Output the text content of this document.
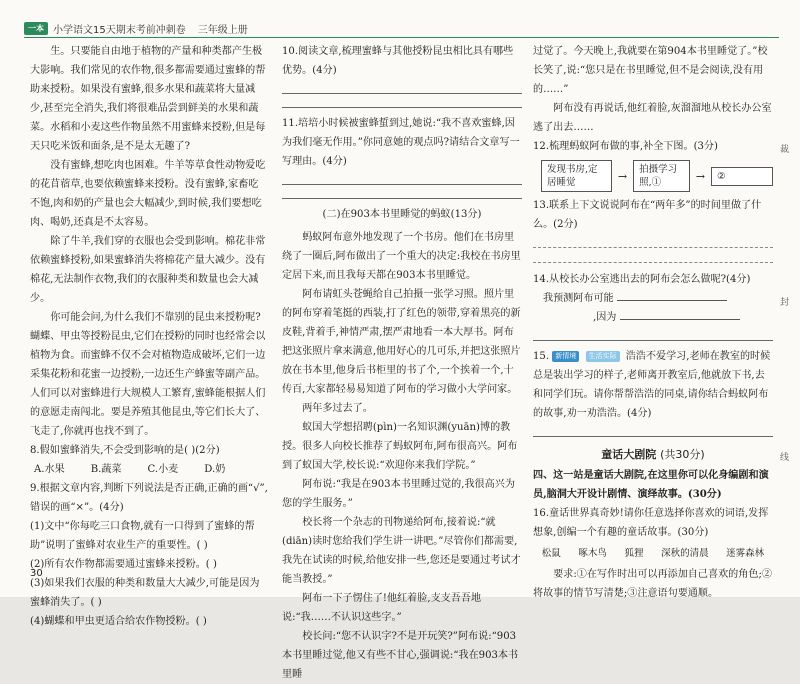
一本 小学语文15天期末考前冲刺卷 三年级上册

生。只要能自由地于植物的产量和种类都产生极大影响。我们常见的农作物,很多都需要通过蜜蜂的帮助来授粉。如果没有蜜蜂,很多水果和蔬菜将大量减少,甚至完全消失,我们将很难品尝到鲜美的水果和蔬菜。水稻和小麦这些作物虽然不用蜜蜂来授粉,但是每天只吃米饭和面条,是不是太无趣了?

没有蜜蜂,想吃肉也困难。牛羊等草食性动物爱吃的花苜蓿草,也要依赖蜜蜂来授粉。没有蜜蜂,家畜吃不饱,肉和奶的产量也会大幅减少,到时候,我们要想吃肉、喝奶,还真是不太容易。

除了牛羊,我们穿的衣服也会受到影响。棉花非常依赖蜜蜂授粉,如果蜜蜂消失将棉花产量大减少。没有棉花,无法制作衣物,我们的衣服种类和数量也会大减少。

你可能会问,为什么我们不靠别的昆虫来授粉呢?蝴蝶、甲虫等授粉昆虫,它们在授粉的同时也经常会以植物为食。而蜜蜂不仅不会对植物造成破坏,它们一边采集花粉和花蜜一边授粉,一边还生产蜂蜜等副产品。人们可以对蜜蜂进行大规模人工繁育,蜜蜂能根据人们的意愿走南闯北。要是养殖其他昆虫,等它们长大了、飞走了,你就再也找不到了。

8.假如蜜蜂消失,不会受到影响的是( )(2分)
A.水果	B.蔬菜	C.小麦	D.奶
9.根据文章内容,判断下列说法是否正确,正确的画“√”,错误的画“×”。(4分)
(1)文中“你每吃三口食物,就有一口得到了蜜蜂的帮助”说明了蜜蜂对农业生产的重要性。( )
(2)所有农作物都需要通过蜜蜂来授粉。( )
(3)如果我们衣服的种类和数量大大减少,可能是因为蜜蜂消失了。( )
(4)蝴蝶和甲虫更适合给农作物授粉。( )
10.阅读文章,梳理蜜蜂与其他授粉昆虫相比具有哪些优势。(4分)
11.培培小时候被蜜蜂蜇到过,她说:“我不喜欢蜜蜂,因为我们毫无作用。”你同意她的观点吗?请结合文章写一写理由。(4分)
(二)在903本书里睡觉的蚂蚁(13分)

蚂蚁阿布意外地发现了一个书房。他们在书房里绕了一圈后,阿布做出了一个重大的决定:我校在书房里定居下来,而且我每天都在903本书里睡觉。

阿布请虹头苍蝇给自己拍摄一张学习照。照片里的阿布穿着笔挺的西装,打了红色的领带,穿着黑亮的新皮鞋,背着手,神情严肃,摆严肃地看一本大厚书。阿布把这张照片拿来满意,他用好心的几可乐,并把这张照片放在书本里,他身后书柜里的书了个,一个挨着一个,十传百,大家都轻易易知道了阿布的学习做小大学问家。

两年多过去了。

蚁国大学想招聘(pìn)一名知识渊(yuān)博的教授。很多人向校长推荐了蚂蚁阿布,阿布很高兴。阿布到了蚁国大学,校长说:“欢迎你来我们学院。”

阿布说:“我是在903本书里睡过觉的,我很高兴为您的学生服务。”

校长将一个杂志的刊物递给阿布,接着说:“就(diān)读时您给我们学生讲一讲吧。”尽管你们都需要,我先在试读的时候,给他安排一些,您还是要通过考试才能当教授。”

阿布一下子愣住了!他红着脸,支支吾吾地说:“我……不认识这些字。”

校长问:“您不认识字?不是开玩笑?”阿布说:“903本书里睡过觉,他又有些不甘心,强调说:“我在903本书里睡

过觉了。今天晚上,我就要在第904本书里睡觉了。”校长笑了,说:“您只是在书里睡觉,但不是会阅读,没有用的……”

阿布没有再说话,他红着脸,灰溜溜地从校长办公室逃了出去……

12.梳理蚂蚁阿布做的事,补全下图。(3分)
发现书房,定居睡觉	→	拍摄学习照,①	→	②
13.联系上下文说说阿布在“两年多”的时间里做了什么。(2分)
14.从校长办公室逃出去的阿布会怎么做呢?(4分)
我预测阿布可能
,因为
15. 新情境 生活实际 浩浩不爱学习,老师在教室的时候总是装出学习的样子,老师离开教室后,他就放下书,去和同学们玩。请你帮帮浩浩的同桌,请你结合蚂蚁阿布的故事,劝一劝浩浩。(4分)
童话大剧院 (共30分)
四、这一站是童话大剧院,在这里你可以化身编剧和演员,脑洞大开设计剧情、演绎故事。(30分)
16.童话世界真奇妙!请你任意选择你喜欢的词语,发挥想象,创编一个有趣的童话故事。(30分)
松鼠 啄木鸟 狐狸 深秋的清晨 迷雾森林

要求:①在写作时出可以再添加自己喜欢的角色;②将故事的情节写清楚;③注意语句要通顺。

30
裁
封
线
